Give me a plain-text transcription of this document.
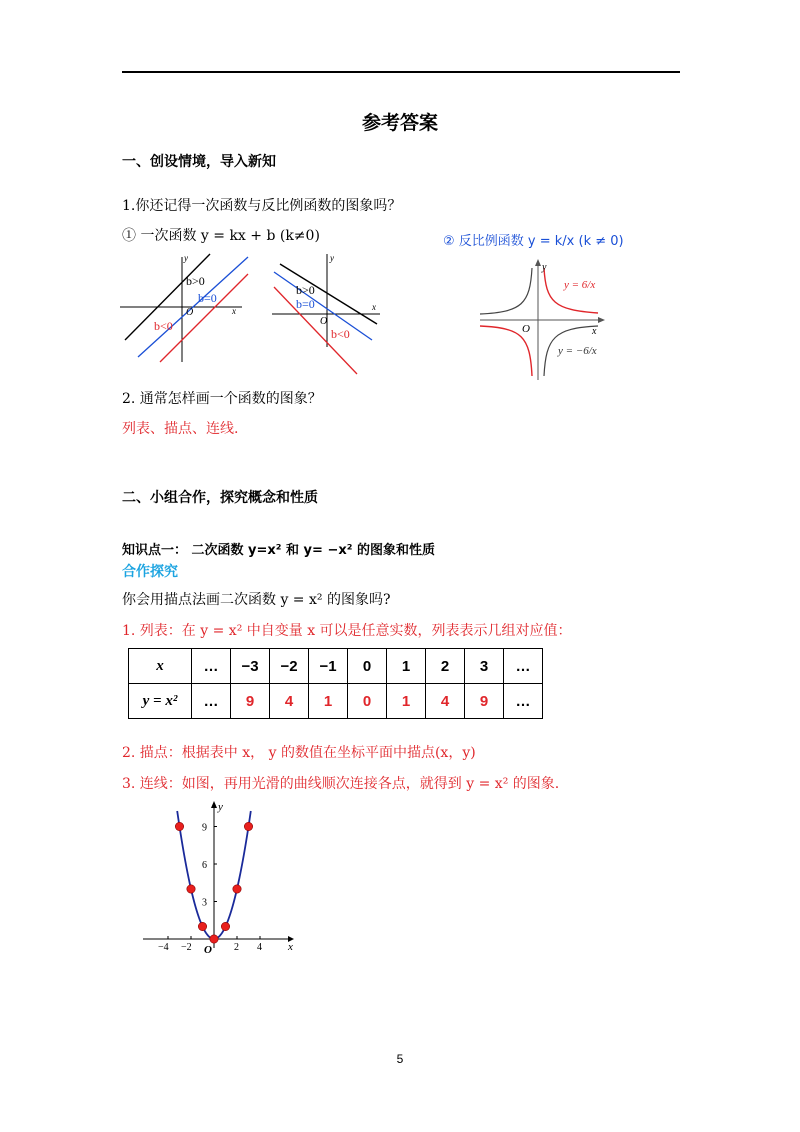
参考答案
一、创设情境，导入新知
1.你还记得一次函数与反比例函数的图象吗？
① 一次函数 y = kx + b (k≠0)	② 反比例函数 y = k/x (k ≠ 0)
b>0
b=0
b<0
O	x
y
b>0
b=0
b<0
O
x
y
O	x
y
y = 6/x
y = −6/x
2. 通常怎样画一个函数的图象？
列表、描点、连线.
二、小组合作，探究概念和性质
知识点一： 二次函数 y=x² 和 y= −x² 的图象和性质
合作探究
你会用描点法画二次函数 y = x² 的图象吗?
1. 列表：在 y = x² 中自变量 x 可以是任意实数，列表表示几组对应值：
x	…	−3	−2	−1	0	1	2	3	…
y = x²	…	9	4	1	0	1	4	9	…
2. 描点：根据表中 x， y 的数值在坐标平面中描点(x，y)
3. 连线：如图，再用光滑的曲线顺次连接各点，就得到 y = x² 的图象.
−4 −2	2 4
3
6
9
O	x
y
5
